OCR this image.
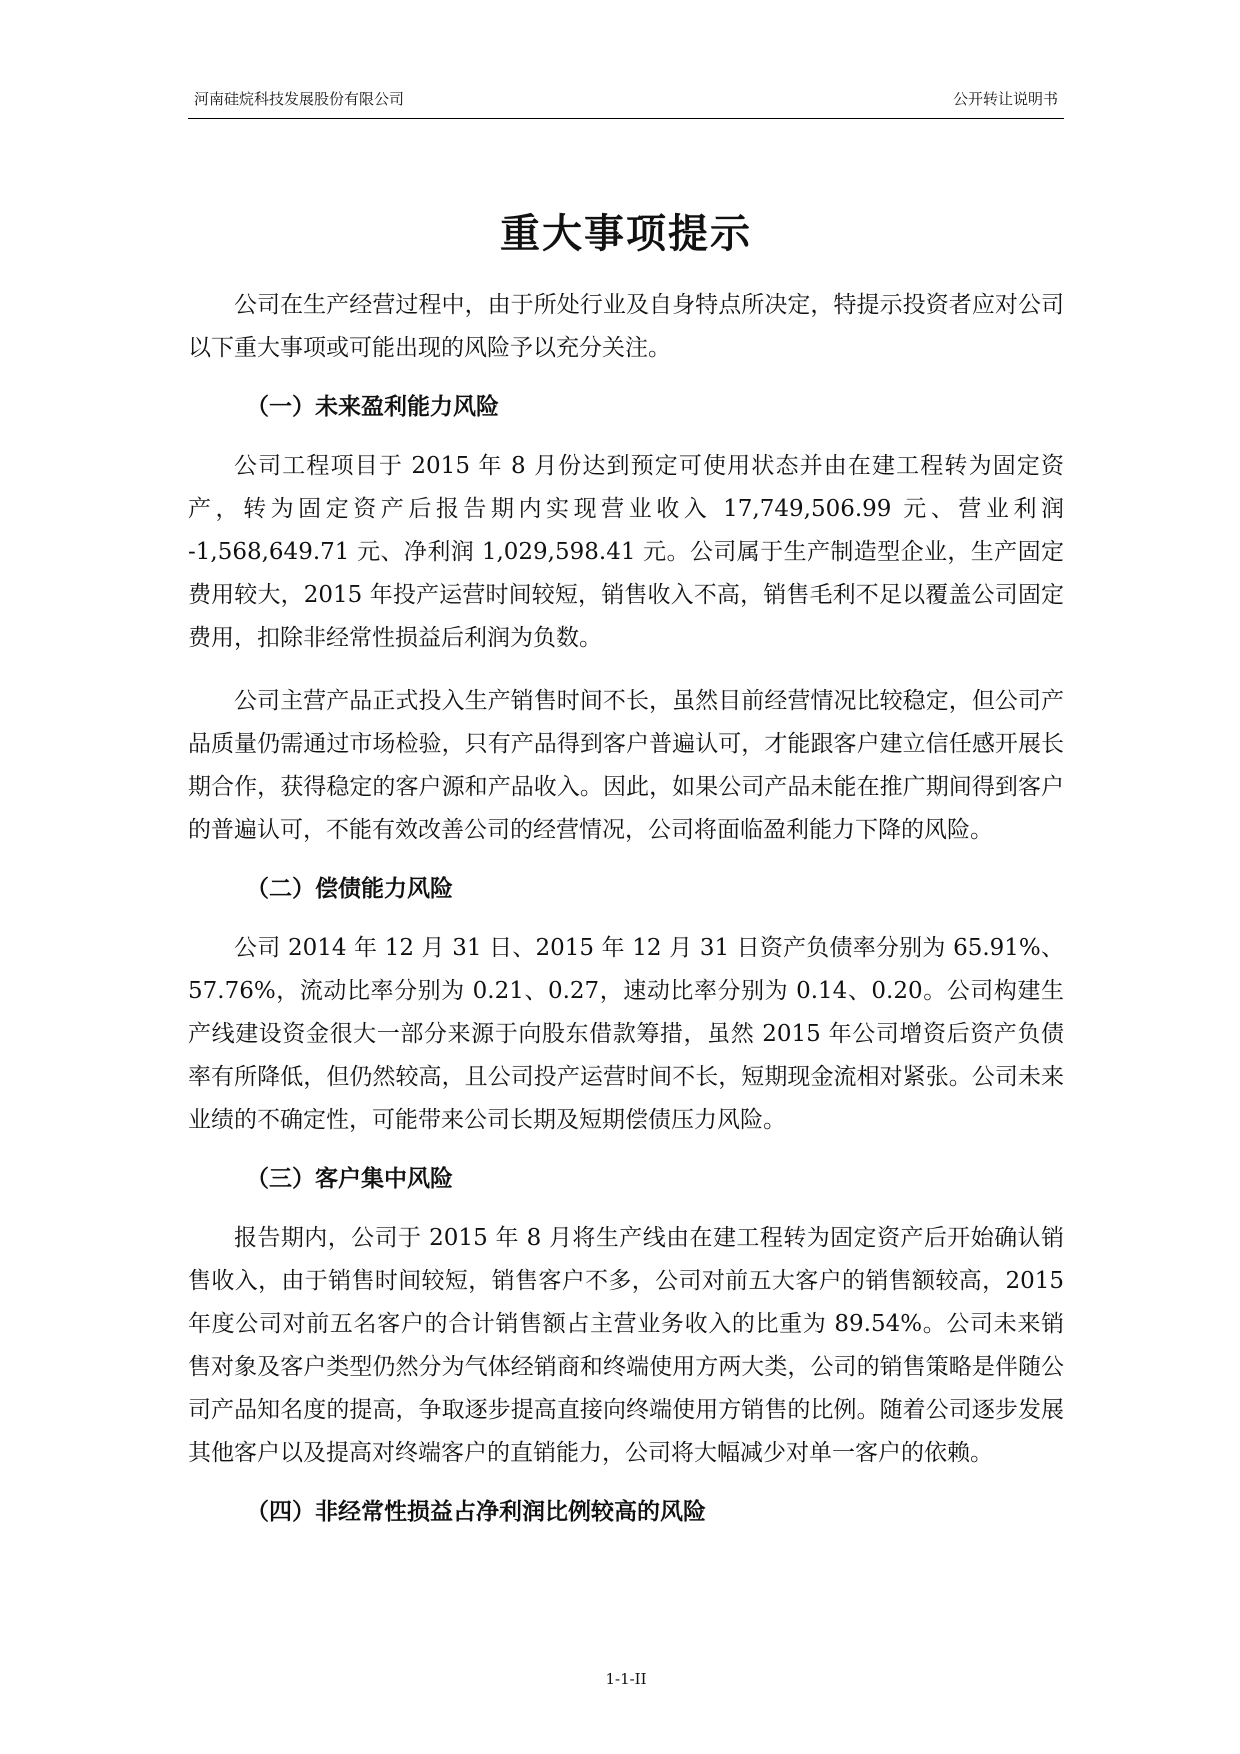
河南硅烷科技发展股份有限公司	公开转让说明书
重大事项提示

公司在生产经营过程中，由于所处行业及自身特点所决定，特提示投资者应对公司以下重大事项或可能出现的风险予以充分关注。

（一）未来盈利能力风险

公司工程项目于 2015 年 8 月份达到预定可使用状态并由在建工程转为固定资产，转为固定资产后报告期内实现营业收入 17,749,506.99 元、营业利润 -1,568,649.71 元、净利润 1,029,598.41 元。公司属于生产制造型企业，生产固定费用较大，2015 年投产运营时间较短，销售收入不高，销售毛利不足以覆盖公司固定费用，扣除非经常性损益后利润为负数。

公司主营产品正式投入生产销售时间不长，虽然目前经营情况比较稳定，但公司产品质量仍需通过市场检验，只有产品得到客户普遍认可，才能跟客户建立信任感开展长期合作，获得稳定的客户源和产品收入。因此，如果公司产品未能在推广期间得到客户的普遍认可，不能有效改善公司的经营情况，公司将面临盈利能力下降的风险。

（二）偿债能力风险

公司 2014 年 12 月 31 日、2015 年 12 月 31 日资产负债率分别为 65.91%、57.76%，流动比率分别为 0.21、0.27，速动比率分别为 0.14、0.20。公司构建生产线建设资金很大一部分来源于向股东借款筹措，虽然 2015 年公司增资后资产负债率有所降低，但仍然较高，且公司投产运营时间不长，短期现金流相对紧张。公司未来业绩的不确定性，可能带来公司长期及短期偿债压力风险。

（三）客户集中风险

报告期内，公司于 2015 年 8 月将生产线由在建工程转为固定资产后开始确认销售收入，由于销售时间较短，销售客户不多，公司对前五大客户的销售额较高，2015 年度公司对前五名客户的合计销售额占主营业务收入的比重为 89.54%。公司未来销售对象及客户类型仍然分为气体经销商和终端使用方两大类，公司的销售策略是伴随公司产品知名度的提高，争取逐步提高直接向终端使用方销售的比例。随着公司逐步发展其他客户以及提高对终端客户的直销能力，公司将大幅减少对单一客户的依赖。

（四）非经常性损益占净利润比例较高的风险
1-1-II
